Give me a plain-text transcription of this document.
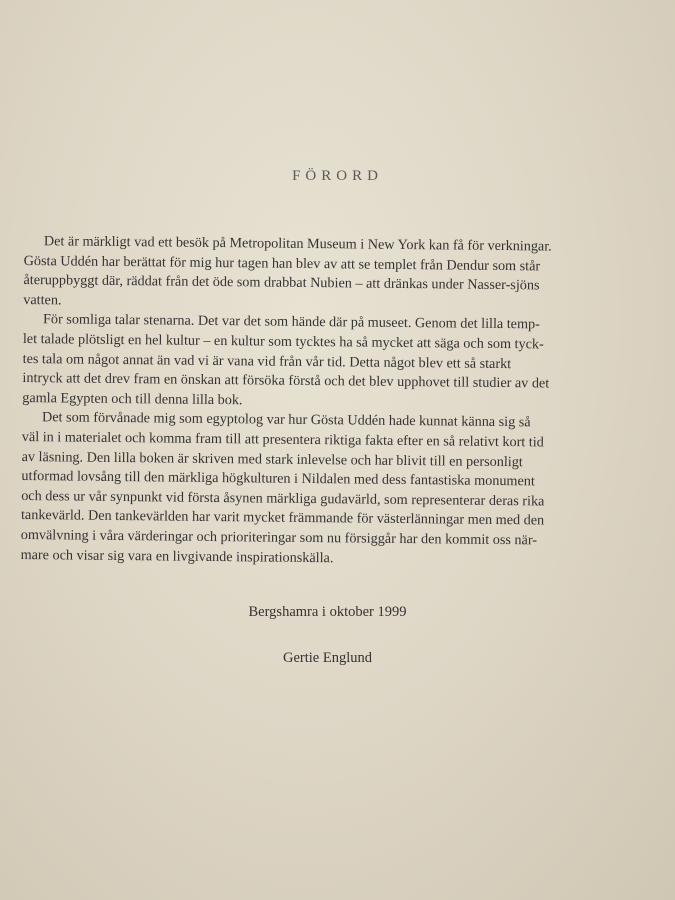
FÖRORD

Det är märkligt vad ett besök på Metropolitan Museum i New York kan få för verkningar.
Gösta Uddén har berättat för mig hur tagen han blev av att se templet från Dendur som står
återuppbyggt där, räddat från det öde som drabbat Nubien – att dränkas under Nasser-sjöns
vatten.

För somliga talar stenarna. Det var det som hände där på museet. Genom det lilla temp-
let talade plötsligt en hel kultur – en kultur som tycktes ha så mycket att säga och som tyck-
tes tala om något annat än vad vi är vana vid från vår tid. Detta något blev ett så starkt
intryck att det drev fram en önskan att försöka förstå och det blev upphovet till studier av det
gamla Egypten och till denna lilla bok.

Det som förvånade mig som egyptolog var hur Gösta Uddén hade kunnat känna sig så
väl in i materialet och komma fram till att presentera riktiga fakta efter en så relativt kort tid
av läsning. Den lilla boken är skriven med stark inlevelse och har blivit till en personligt
utformad lovsång till den märkliga högkulturen i Nildalen med dess fantastiska monument
och dess ur vår synpunkt vid första åsynen märkliga gudavärld, som representerar deras rika
tankevärld. Den tankevärlden har varit mycket främmande för västerlänningar men med den
omvälvning i våra värderingar och prioriteringar som nu försiggår har den kommit oss när-
mare och visar sig vara en livgivande inspirationskälla.

Bergshamra i oktober 1999
Gertie Englund
